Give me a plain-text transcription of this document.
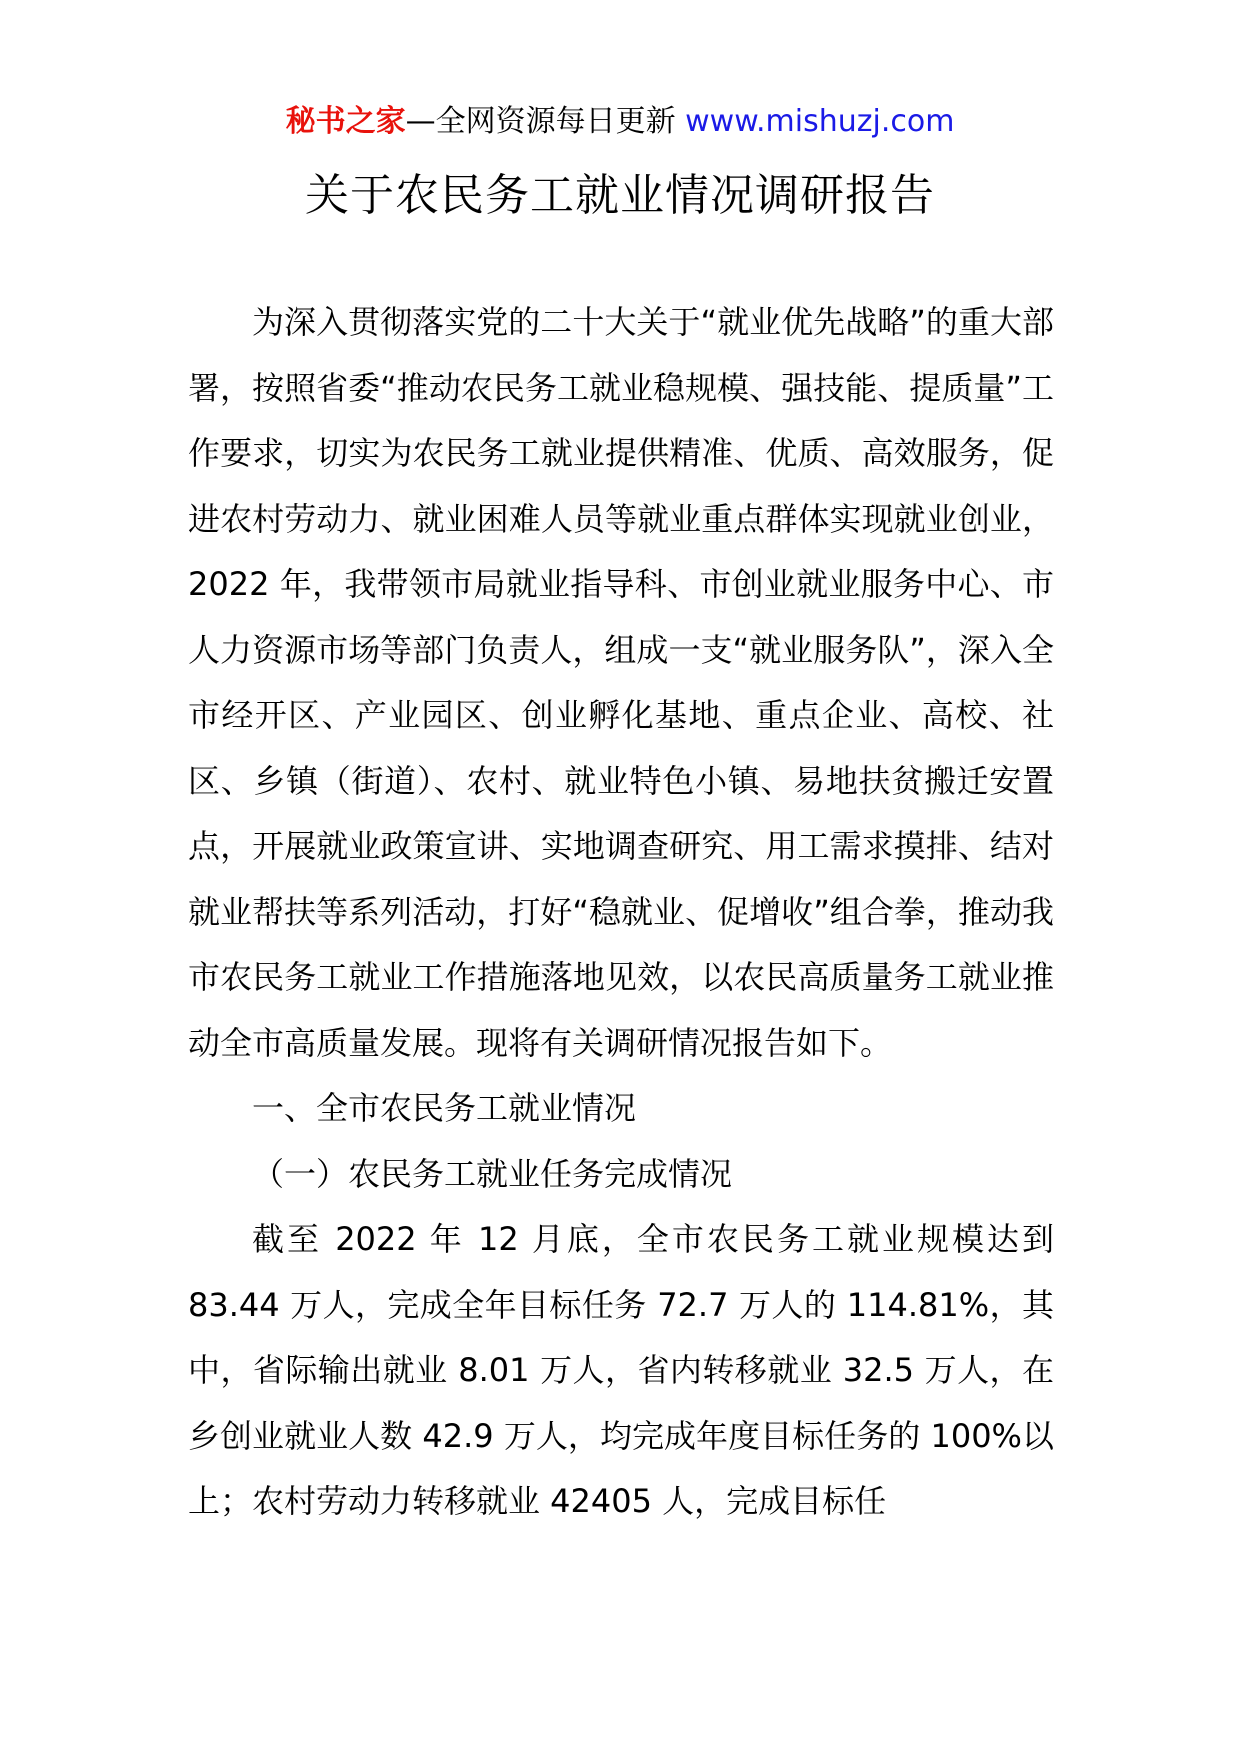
秘书之家—全网资源每日更新 www.mishuzj.com
关于农民务工就业情况调研报告

为深入贯彻落实党的二十大关于“就业优先战略”的重大部署，按照省委“推动农民务工就业稳规模、强技能、提质量”工作要求，切实为农民务工就业提供精准、优质、高效服务，促进农村劳动力、就业困难人员等就业重点群体实现就业创业，2022 年，我带领市局就业指导科、市创业就业服务中心、市人力资源市场等部门负责人，组成一支“就业服务队”，深入全市经开区、产业园区、创业孵化基地、重点企业、高校、社区、乡镇（街道）、农村、就业特色小镇、易地扶贫搬迁安置点，开展就业政策宣讲、实地调查研究、用工需求摸排、结对就业帮扶等系列活动，打好“稳就业、促增收”组合拳，推动我市农民务工就业工作措施落地见效，以农民高质量务工就业推动全市高质量发展。现将有关调研情况报告如下。

一、全市农民务工就业情况

（一）农民务工就业任务完成情况

截至 2022 年 12 月底，全市农民务工就业规模达到 83.44 万人，完成全年目标任务 72.7 万人的 114.81%，其中，省际输出就业 8.01 万人，省内转移就业 32.5 万人，在乡创业就业人数 42.9 万人，均完成年度目标任务的 100%以上；农村劳动力转移就业 42405 人，完成目标任
